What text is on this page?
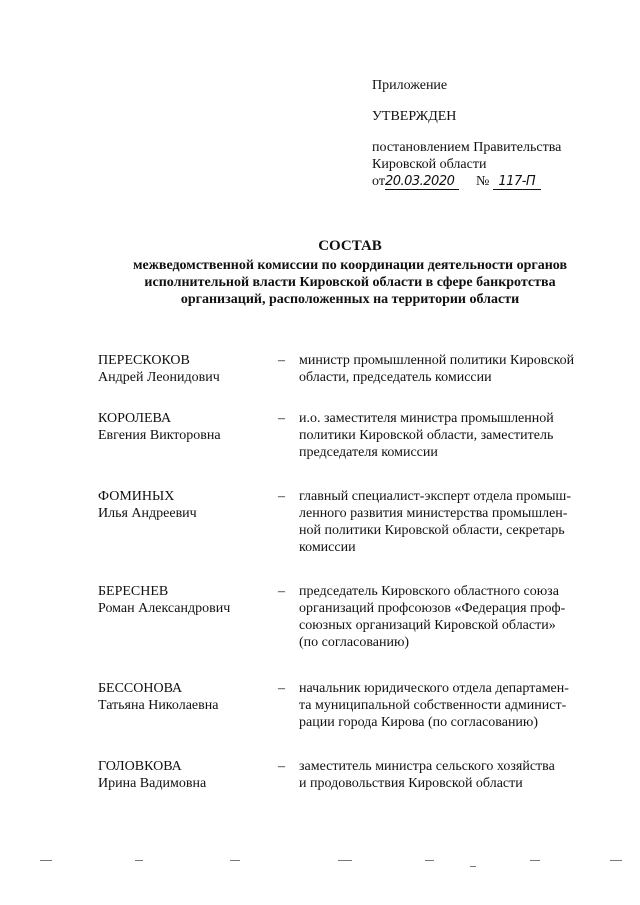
Приложение
УТВЕРЖДЕН
постановлением Правительства
Кировской области
от20.03.2020 № 117-П
СОСТАВ
межведомственной комиссии по координации деятельности органов
исполнительной власти Кировской области в сфере банкротства
организаций, расположенных на территории области
ПЕРЕСКОКОВ
Андрей Леонидович
– министр промышленной политики Кировской
области, председатель комиссии
КОРОЛЕВА
Евгения Викторовна
– и.о. заместителя министра промышленной
политики Кировской области, заместитель
председателя комиссии
ФОМИНЫХ
Илья Андреевич
– главный специалист-эксперт отдела промыш-
ленного развития министерства промышлен-
ной политики Кировской области, секретарь
комиссии
БЕРЕСНЕВ
Роман Александрович
– председатель Кировского областного союза
организаций профсоюзов «Федерация проф-
союзных организаций Кировской области»
(по согласованию)
БЕССОНОВА
Татьяна Николаевна
– начальник юридического отдела департамен-
та муниципальной собственности админист-
рации города Кирова (по согласованию)
ГОЛОВКОВА
Ирина Вадимовна
– заместитель министра сельского хозяйства
и продовольствия Кировской области
